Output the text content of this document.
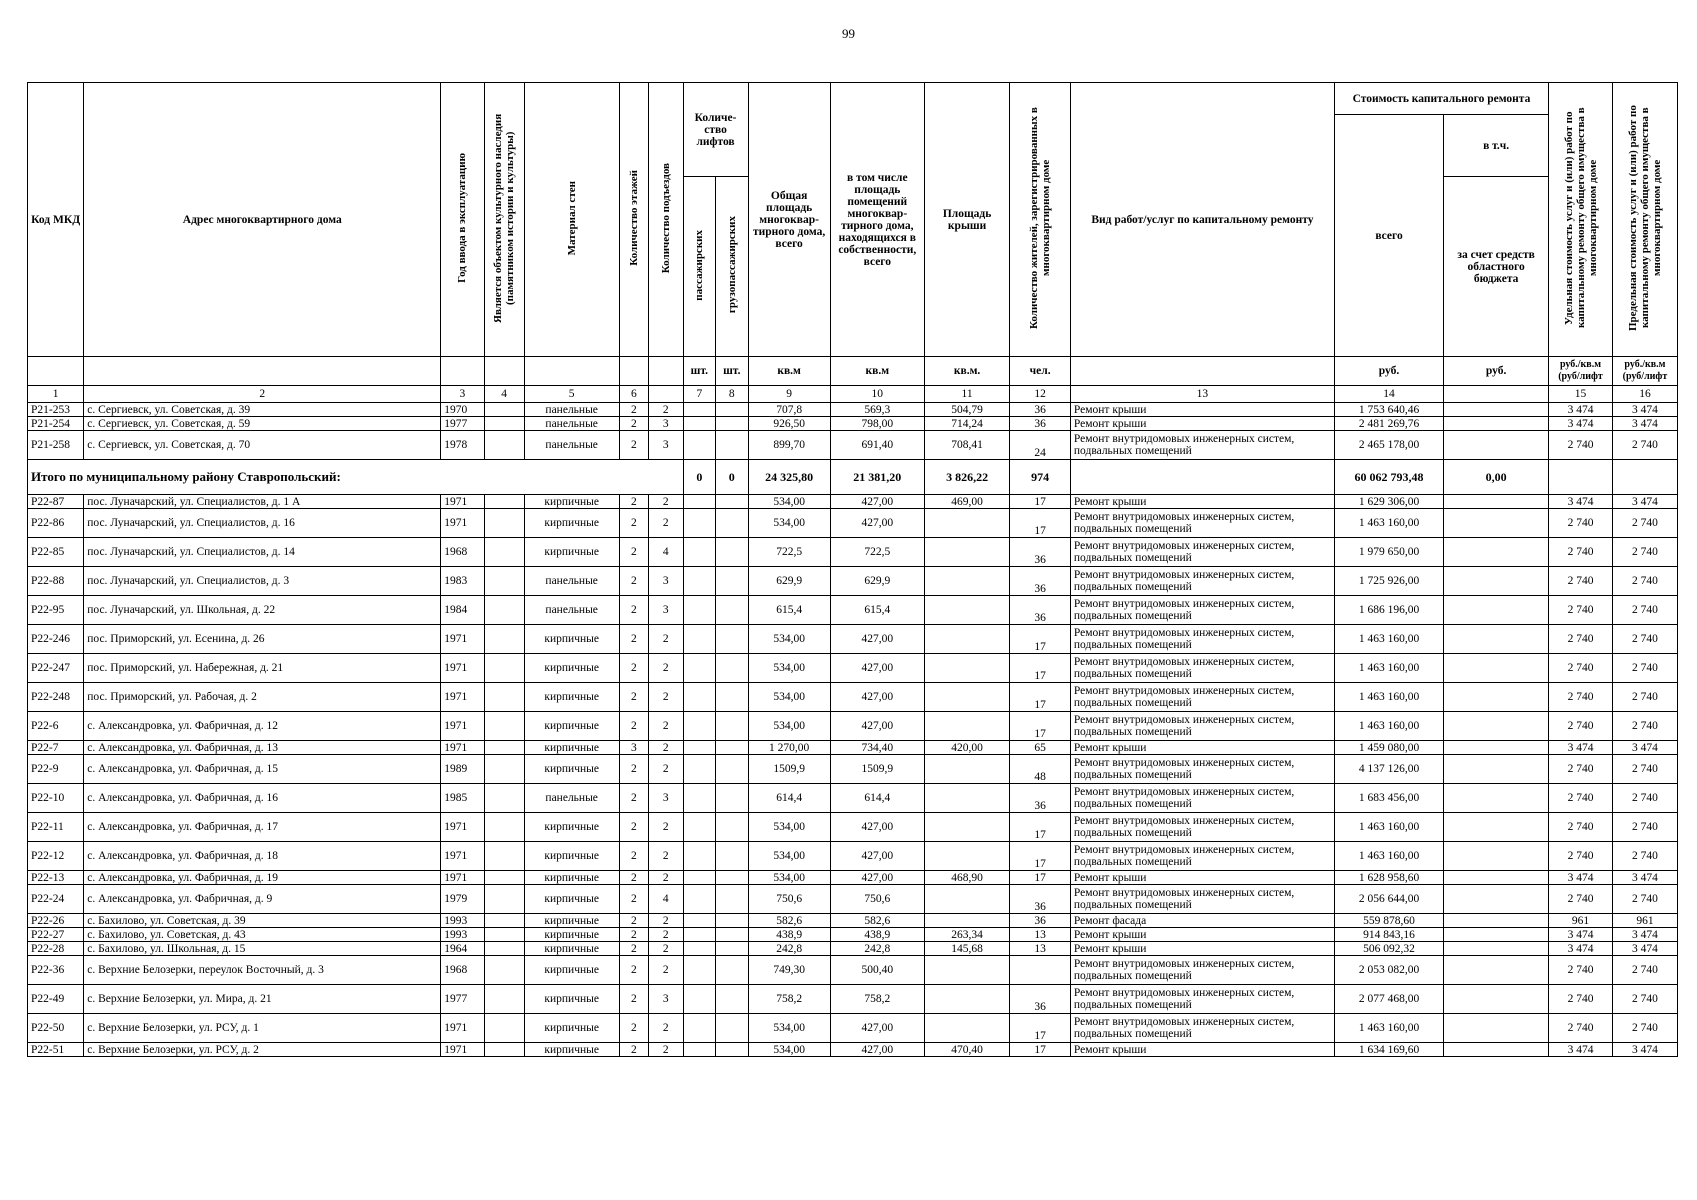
99
Код МКД	Адрес многоквартирного дома	Год ввода в эксплуатацию	Является объектом культурного наследия (памятником истории и культуры)	Материал стен	Количество этажей	Количество подъездов	Количе-ство лифтов		Общая площадь многоквар-тирного дома, всего	в том числе площадь помещений многоквар-тирного дома, находящихся в собственности, всего	Площадь крыши	Количество жителей, зарегистрированных в многоквартирном доме	Вид работ/услуг по капитальному ремонту	Стоимость капитального ремонта		Удельная стоимость услуг и (или) работ по капитальному ремонту общего имущества в многоквартирном доме	Предельная стоимость услуг и (или) работ по капитальному ремонту общего имущества в многоквартирном доме
														всего	в т.ч.		
							пассажирских	грузопассажирских							за счет средств областного бюджета		
							шт.	шт.	кв.м	кв.м	кв.м.	чел.		руб.	руб.	руб./кв.м (руб/лифт	руб./кв.м (руб/лифт
1	2	3	4	5	6		7	8	9	10	11	12	13	14		15	16
Р21-253	с. Сергиевск, ул. Советская, д. 39	1970		панельные	2	2			707,8	569,3	504,79	36	Ремонт крыши	1 753 640,46		3 474	3 474
Р21-254	с. Сергиевск, ул. Советская, д. 59	1977		панельные	2	3			926,50	798,00	714,24	36	Ремонт крыши	2 481 269,76		3 474	3 474
Р21-258	с. Сергиевск, ул. Советская, д. 70	1978		панельные	2	3			899,70	691,40	708,41	24	Ремонт внутридомовых инженерных систем, подвальных помещений	2 465 178,00		2 740	2 740
Итого по муниципальному району Ставропольский:							0	0	24 325,80	21 381,20	3 826,22	974		60 062 793,48	0,00		
Р22-87	пос. Луначарский, ул. Специалистов, д. 1 А	1971		кирпичные	2	2			534,00	427,00	469,00	17	Ремонт крыши	1 629 306,00		3 474	3 474
Р22-86	пос. Луначарский, ул. Специалистов, д. 16	1971		кирпичные	2	2			534,00	427,00		17	Ремонт внутридомовых инженерных систем, подвальных помещений	1 463 160,00		2 740	2 740
Р22-85	пос. Луначарский, ул. Специалистов, д. 14	1968		кирпичные	2	4			722,5	722,5		36	Ремонт внутридомовых инженерных систем, подвальных помещений	1 979 650,00		2 740	2 740
Р22-88	пос. Луначарский, ул. Специалистов, д. 3	1983		панельные	2	3			629,9	629,9		36	Ремонт внутридомовых инженерных систем, подвальных помещений	1 725 926,00		2 740	2 740
Р22-95	пос. Луначарский, ул. Школьная, д. 22	1984		панельные	2	3			615,4	615,4		36	Ремонт внутридомовых инженерных систем, подвальных помещений	1 686 196,00		2 740	2 740
Р22-246	пос. Приморский, ул. Есенина, д. 26	1971		кирпичные	2	2			534,00	427,00		17	Ремонт внутридомовых инженерных систем, подвальных помещений	1 463 160,00		2 740	2 740
Р22-247	пос. Приморский, ул. Набережная, д. 21	1971		кирпичные	2	2			534,00	427,00		17	Ремонт внутридомовых инженерных систем, подвальных помещений	1 463 160,00		2 740	2 740
Р22-248	пос. Приморский, ул. Рабочая, д. 2	1971		кирпичные	2	2			534,00	427,00		17	Ремонт внутридомовых инженерных систем, подвальных помещений	1 463 160,00		2 740	2 740
Р22-6	с. Александровка, ул. Фабричная, д. 12	1971		кирпичные	2	2			534,00	427,00		17	Ремонт внутридомовых инженерных систем, подвальных помещений	1 463 160,00		2 740	2 740
Р22-7	с. Александровка, ул. Фабричная, д. 13	1971		кирпичные	3	2			1 270,00	734,40	420,00	65	Ремонт крыши	1 459 080,00		3 474	3 474
Р22-9	с. Александровка, ул. Фабричная, д. 15	1989		кирпичные	2	2			1509,9	1509,9		48	Ремонт внутридомовых инженерных систем, подвальных помещений	4 137 126,00		2 740	2 740
Р22-10	с. Александровка, ул. Фабричная, д. 16	1985		панельные	2	3			614,4	614,4		36	Ремонт внутридомовых инженерных систем, подвальных помещений	1 683 456,00		2 740	2 740
Р22-11	с. Александровка, ул. Фабричная, д. 17	1971		кирпичные	2	2			534,00	427,00		17	Ремонт внутридомовых инженерных систем, подвальных помещений	1 463 160,00		2 740	2 740
Р22-12	с. Александровка, ул. Фабричная, д. 18	1971		кирпичные	2	2			534,00	427,00		17	Ремонт внутридомовых инженерных систем, подвальных помещений	1 463 160,00		2 740	2 740
Р22-13	с. Александровка, ул. Фабричная, д. 19	1971		кирпичные	2	2			534,00	427,00	468,90	17	Ремонт крыши	1 628 958,60		3 474	3 474
Р22-24	с. Александровка, ул. Фабричная, д. 9	1979		кирпичные	2	4			750,6	750,6		36	Ремонт внутридомовых инженерных систем, подвальных помещений	2 056 644,00		2 740	2 740
Р22-26	с. Бахилово, ул. Советская, д. 39	1993		кирпичные	2	2			582,6	582,6		36	Ремонт фасада	559 878,60		961	961
Р22-27	с. Бахилово, ул. Советская, д. 43	1993		кирпичные	2	2			438,9	438,9	263,34	13	Ремонт крыши	914 843,16		3 474	3 474
Р22-28	с. Бахилово, ул. Школьная, д. 15	1964		кирпичные	2	2			242,8	242,8	145,68	13	Ремонт крыши	506 092,32		3 474	3 474
Р22-36	с. Верхние Белозерки, переулок Восточный, д. 3	1968		кирпичные	2	2			749,30	500,40			Ремонт внутридомовых инженерных систем, подвальных помещений	2 053 082,00		2 740	2 740
Р22-49	с. Верхние Белозерки, ул. Мира, д. 21	1977		кирпичные	2	3			758,2	758,2		36	Ремонт внутридомовых инженерных систем, подвальных помещений	2 077 468,00		2 740	2 740
Р22-50	с. Верхние Белозерки, ул. РСУ, д. 1	1971		кирпичные	2	2			534,00	427,00		17	Ремонт внутридомовых инженерных систем, подвальных помещений	1 463 160,00		2 740	2 740
Р22-51	с. Верхние Белозерки, ул. РСУ, д. 2	1971		кирпичные	2	2			534,00	427,00	470,40	17	Ремонт крыши	1 634 169,60		3 474	3 474
